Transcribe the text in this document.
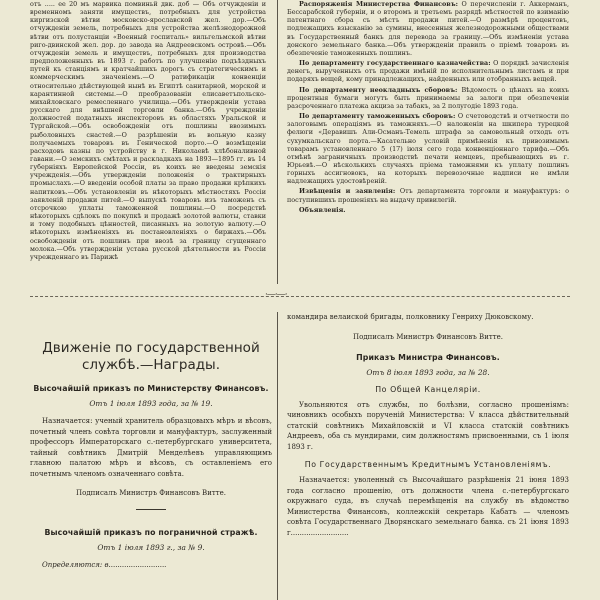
отъ ..... ее 20 мъ марвика помвиньй двк. доб — Объ отчужденіи и временномъ заняти имуществъ, потребныхъ для устройства киргизской вѣтви московско-ярославской жел. дор.—Объ отчужденіи земель, потребныхъ для устройства желѣзнодорожной вѣтви отъ полустанціи «Военный госпиталь» вильгельмской вѣтви риго-двинской жел. дор. до завода на Андреевскомъ островѣ.—Объ отчужденіи земель и имуществъ, потребныхъ для производства предположенныхъ въ 1893 г. работъ по улучшенію подъѣздныхъ путей къ станціямъ и кратчайшихъ дорогъ съ стратегическимъ и коммерческимъ значеніемъ.—О ратификаціи конвенціи относительно дѣйствующей нынѣ въ Египтѣ санитарной, морской и карантинной системы.—О преобразованіи елисаветъпольско-михайловскаго ремесленнаго училища.—Объ утвержденіи устава русскаго для внѣшней торговли банка.—Объ учрежденіи должностей податныхъ инспекторовъ въ областяхъ Уральской и Тургайской.—Объ освобожденіи отъ пошлины ввозимыхъ рыболовныхъ снастей.—О разрѣшеніи въ вольную казну получаемыхъ товаровъ въ Генической порто.—О возмѣщеніи расходовъ казны по устройству в г. Николаевѣ хлѣбоналивной гавани.—О земскихъ смѣтахъ и раскладкахъ на 1893—1895 гг. въ 14 губерніяхъ Европейской Россіи, въ коихъ не введены земскія учрежденія.—Объ утвержденіи положенія о трактирныхъ промыслахъ.—О введеніи особой платы за право продажи крѣпкихъ напитковъ.—Объ установленіи въ нѣкоторыхъ мѣстностяхъ Россіи заявленій продажи питей.—О выпускѣ товаровъ изъ таможенъ съ отсрочкою уплаты таможенной пошлины.—О посредствѣ нѣкоторыхъ сдѣлокъ по покупкѣ и продажѣ золотой валюты, ставки и тому подобныхъ цѣнностей, писанныхъ на золотую валюту.—О нѣкоторыхъ измѣненіяхъ въ постановленіяхъ о биржахъ.—Объ освобожденіи отъ пошлинъ при ввозѣ за границу сгущеннаго молока.—Объ утвержденіи устава русской дѣятельности въ Россіи учрежденнаго въ Парижѣ

Распоряженія Министерства Финансовъ: О перечисленіи г. Аккерманъ, Бессарабской губерніи, и о второмъ и третьемъ разрядѣ мѣстностей по взиманію патентнаго сбора съ мѣстъ продажи питей.—О размѣрѣ процентовъ, подлежащихъ взысканію за сумины, внесенныя железнодорожными обществами въ Государственный банкъ для перевода за границу.—Объ измѣненіи устава донского земельнаго банка.—Объ утвержденіи правилъ о пріемѣ товаровъ въ обезпеченіе таможенныхъ пошлинъ.

По департаменту государственнаго казначейства: О порядкѣ зачисленія денегъ, вырученныхъ отъ продажи имѣній по исполнительнымъ листамъ и при подаряхъ вещей, кому принадлежащихъ, найденныхъ или отобранныхъ вещей.

По департаменту неокладныхъ сборовъ: Вѣдомость о цѣнахъ на коихъ процентныя бумаги могутъ быть принимаемы за залоги при обезпеченіи разсроченнаго платежа акциза за табакъ, за 2 полугодіе 1893 года.

По департаменту таможенныхъ сборовъ: О счетоводствѣ и отчетности по залоговымъ операціямъ въ таможняхъ.—О наложеніи на шкипера турецкой фелюги «Деравишъ Али-Османъ-Темель штрафа за самовольный отходъ отъ сухумкальскаго порта.—Касательно условій примѣненія къ привозимымъ товарамъ установленнаго 5 (17) іюля сего года конвенціоннаго тарифа.—Объ отмѣнѣ заграничныхъ производствѣ печати немцевъ, пребывающихъ въ г. Юрьевѣ.—О нѣсколькихъ случаяхъ пріема таможнями къ уплату пошлинъ горныхъ ассигновокъ, на которыхъ перевозочные надписи не имѣли надлежащихъ удостовѣреній.

Извѣщенія и заявленія: Отъ департамента торговли и мануфактуръ: о поступившихъ прошеніяхъ на выдачу привилегій.

Объявленія.

·—·—·
Движеніе по государственной службѣ.—Награды.
Высочайшій приказъ по Министерству Финансовъ.
Отъ 1 іюля 1893 года, за № 19.

Назначается: ученый хранитель образцовыхъ мѣръ и вѣсовъ, почетный членъ совѣта торговли и мануфактуръ, заслуженный профессоръ Императорскаго с.-петербургскаго университета, тайный совѣтникъ Дмитрій Менделѣевъ управляющимъ главною палатою мѣръ и вѣсовъ, съ оставленіемъ его почетнымъ членомъ означеннаго совѣта.

Подписалъ Министръ Финансовъ Витте.
Высочайшій приказъ по пограничной стражѣ.
Отъ 1 іюля 1893 г., за № 9.

Определяются: в..........................

командира велаиской бригады, полковнику Генриху Дюковскому.

Подписалъ Министръ Финансовъ Витте.
Приказъ Министра Финансовъ.
Отъ 8 іюля 1893 года, за № 28.
По Общей Канцеляріи.

Увольняются отъ службы, по болѣзни, согласно прошеніямъ: чиновникъ особыхъ порученій Министерства: V класса дѣйствительный статскій совѣтникъ Михайловскій и VI класса статскій совѣтникъ Андреевъ, оба съ мундирами, сим должностямъ присвоенными, съ 1 іюля 1893 г.

По Государственнымъ Кредитнымъ Установленіямъ.

Назначается: уволенный съ Высочайшаго разрѣшенія 21 іюня 1893 года согласно прошенію, отъ должности члена с.-петербургскаго окружнаго суда, въ случаѣ перемѣщенія на службу въ вѣдомство Министерства Финансовъ, коллежскій секретарь Кабатъ — членомъ совѣта Государственнаго Дворянскаго земельнаго банка. съ 21 іюня 1893 г..........................
